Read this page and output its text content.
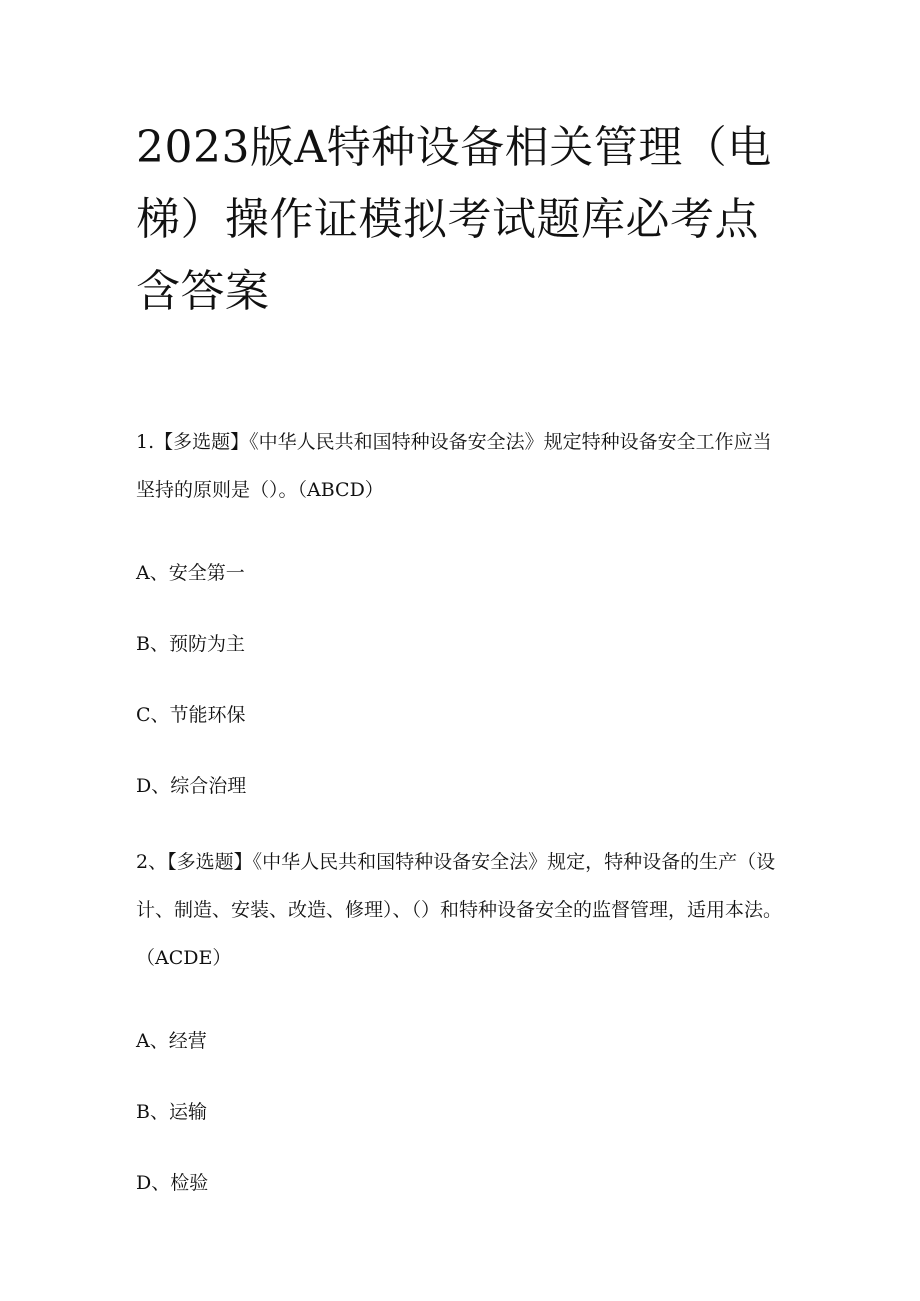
2023版A特种设备相关管理（电梯）操作证模拟考试题库必考点含答案

1.【多选题】《中华人民共和国特种设备安全法》规定特种设备安全工作应当坚持的原则是（）。（ABCD）

A、安全第一
B、预防为主
C、节能环保
D、综合治理

2、【多选题】《中华人民共和国特种设备安全法》规定，特种设备的生产（设计、制造、安装、改造、修理）、（）和特种设备安全的监督管理，适用本法。（ACDE）

A、经营
B、运输
D、检验
